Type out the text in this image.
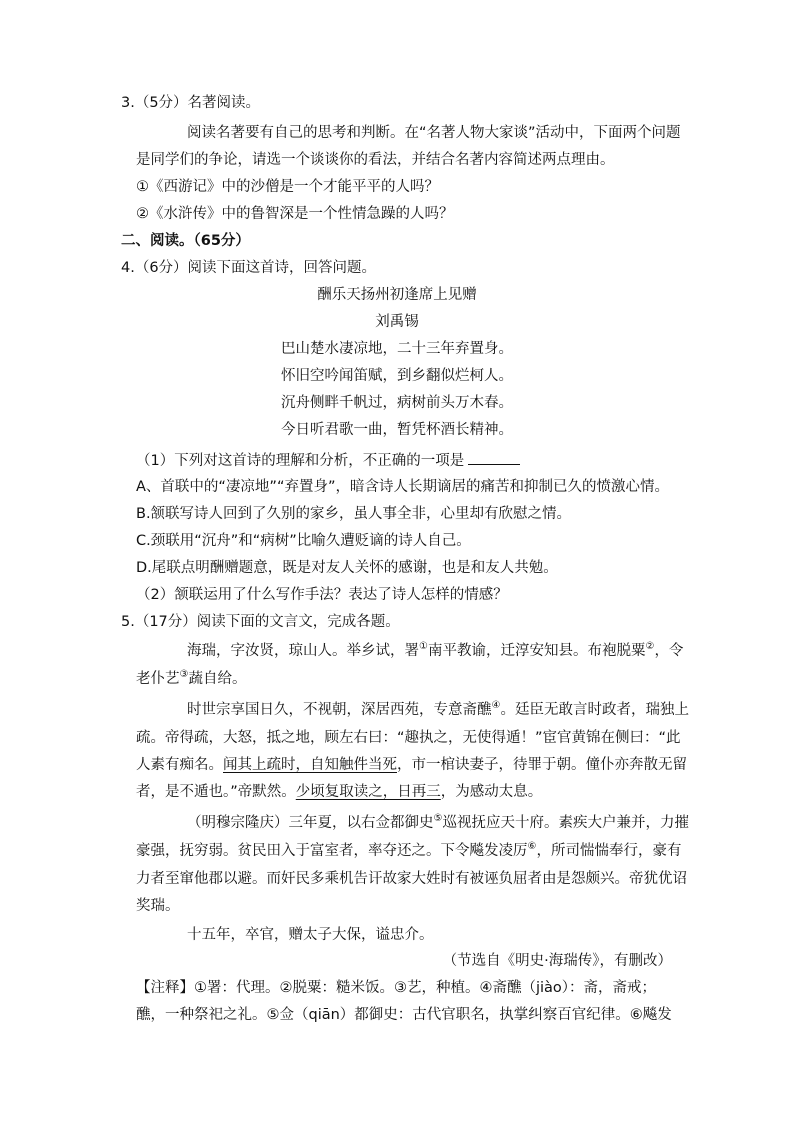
3.（5分）名著阅读。
阅读名著要有自己的思考和判断。在“名著人物大家谈”活动中，下面两个问题
是同学们的争论，请选一个谈谈你的看法，并结合名著内容简述两点理由。
①《西游记》中的沙僧是一个才能平平的人吗？
②《水浒传》中的鲁智深是一个性情急躁的人吗？
二、阅读。（65分）
4.（6分）阅读下面这首诗，回答问题。
酬乐天扬州初逢席上见赠
刘禹锡
巴山楚水凄凉地，二十三年弃置身。
怀旧空吟闻笛赋，到乡翻似烂柯人。
沉舟侧畔千帆过，病树前头万木春。
今日听君歌一曲，暂凭杯酒长精神。
（1）下列对这首诗的理解和分析，不正确的一项是
A、首联中的“凄凉地”“弃置身”，暗含诗人长期谪居的痛苦和抑制已久的愤激心情。
B.颔联写诗人回到了久别的家乡，虽人事全非，心里却有欣慰之情。
C.颈联用“沉舟”和“病树”比喻久遭贬谪的诗人自己。
D.尾联点明酬赠题意，既是对友人关怀的感谢，也是和友人共勉。
（2）颔联运用了什么写作手法？表达了诗人怎样的情感？
5.（17分）阅读下面的文言文，完成各题。
海瑞，字汝贤，琼山人。举乡试，署①南平教谕，迁淳安知县。布袍脱粟②，令
老仆艺③蔬自给。
时世宗享国日久，不视朝，深居西苑，专意斋醮④。廷臣无敢言时政者，瑞独上
疏。帝得疏，大怒，抵之地，顾左右曰：“趣执之，无使得遁！”宦官黄锦在侧曰：“此
人素有痴名。闻其上疏时，自知触件当死，市一棺诀妻子，待罪于朝。僮仆亦奔散无留
者，是不遁也。”帝默然。少顷复取读之，日再三，为感动太息。
（明穆宗隆庆）三年夏，以右佥都御史⑤巡视抚应天十府。素疾大户兼并，力摧
豪强，抚穷弱。贫民田入于富室者，率夺还之。下令飚发凌厉⑥，所司惴惴奉行，豪有
力者至窜他郡以避。而奸民多乘机告讦故家大姓时有被诬负屈者由是怨颇兴。帝犹优诏
奖瑞。
十五年，卒官，赠太子大保，谥忠介。
（节选自《明史·海瑞传》，有删改）
【注释】①署：代理。②脱粟：糙米饭。③艺，种植。④斋醮（jiào）：斋，斋戒；
醮，一种祭祀之礼。⑤佥（qiān）都御史：古代官职名，执掌纠察百官纪律。⑥飚发
